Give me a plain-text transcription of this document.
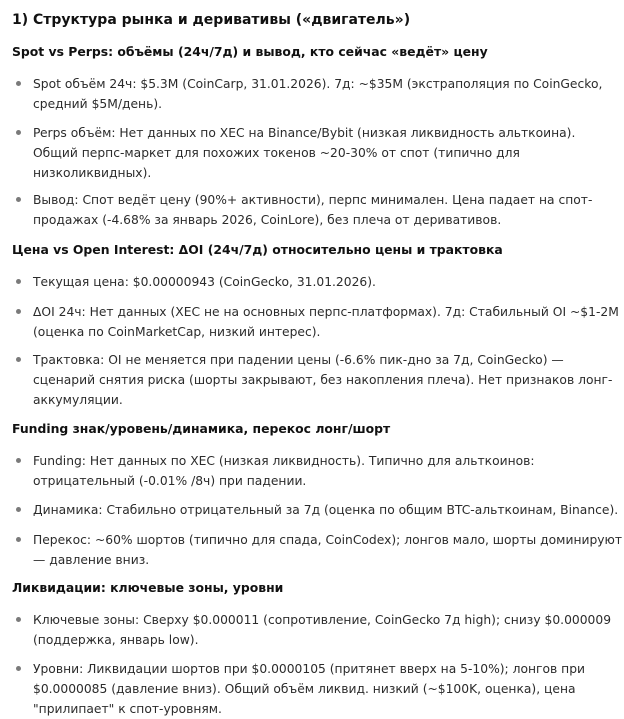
1) Структура рынка и деривативы («двигатель»)
Spot vs Perps: объёмы (24ч/7д) и вывод, кто сейчас «ведёт» цену
Spot объём 24ч: $5.3M (CoinCarp, 31.01.2026). 7д: ~$35M (экстраполяция по CoinGecko,
средний $5M/день).
Perps объём: Нет данных по XEC на Binance/Bybit (низкая ликвидность альткоина).
Общий перпс-маркет для похожих токенов ~20-30% от спот (типично для
низколиквидных).
Вывод: Спот ведёт цену (90%+ активности), перпс минимален. Цена падает на спот-
продажах (-4.68% за январь 2026, CoinLore), без плеча от деривативов.
Цена vs Open Interest: ΔOI (24ч/7д) относительно цены и трактовка
Текущая цена: $0.00000943 (CoinGecko, 31.01.2026).
ΔOI 24ч: Нет данных (XEC не на основных перпс-платформах). 7д: Стабильный OI ~$1-2M
(оценка по CoinMarketCap, низкий интерес).
Трактовка: OI не меняется при падении цены (-6.6% пик-дно за 7д, CoinGecko) —
сценарий снятия риска (шорты закрывают, без накопления плеча). Нет признаков лонг-
аккумуляции.
Funding знак/уровень/динамика, перекос лонг/шорт
Funding: Нет данных по XEC (низкая ликвидность). Типично для альткоинов:
отрицательный (-0.01% /8ч) при падении.
Динамика: Стабильно отрицательный за 7д (оценка по общим BTC-альткоинам, Binance).
Перекос: ~60% шортов (типично для спада, CoinCodex); лонгов мало, шорты доминируют
— давление вниз.
Ликвидации: ключевые зоны, уровни
Ключевые зоны: Сверху $0.000011 (сопротивление, CoinGecko 7д high); снизу $0.000009
(поддержка, январь low).
Уровни: Ликвидации шортов при $0.0000105 (притянет вверх на 5-10%); лонгов при
$0.0000085 (давление вниз). Общий объём ликвид. низкий (~$100K, оценка), цена
"прилипает" к спот-уровням.
